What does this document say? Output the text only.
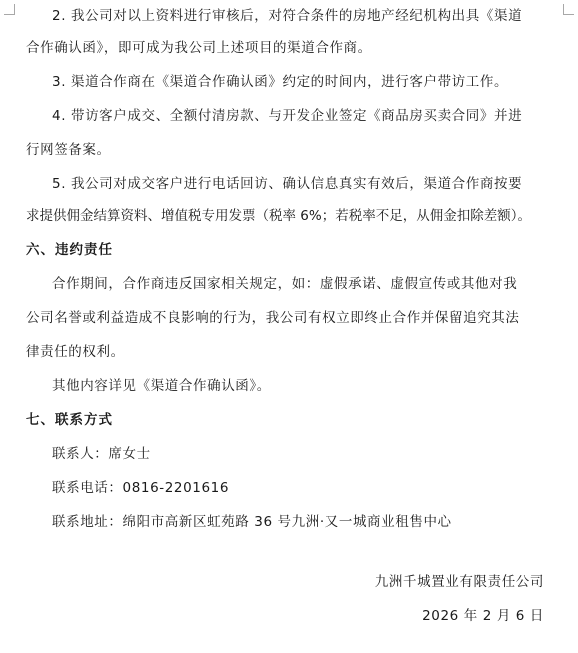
2. 我公司对以上资料进行审核后，对符合条件的房地产经纪机构出具《渠道
合作确认函》，即可成为我公司上述项目的渠道合作商。
3. 渠道合作商在《渠道合作确认函》约定的时间内，进行客户带访工作。
4. 带访客户成交、全额付清房款、与开发企业签定《商品房买卖合同》并进
行网签备案。
5. 我公司对成交客户进行电话回访、确认信息真实有效后，渠道合作商按要
求提供佣金结算资料、增值税专用发票（税率 6%；若税率不足，从佣金扣除差额）。
六、违约责任
合作期间，合作商违反国家相关规定，如：虚假承诺、虚假宣传或其他对我
公司名誉或利益造成不良影响的行为，我公司有权立即终止合作并保留追究其法
律责任的权利。
其他内容详见《渠道合作确认函》。
七、联系方式
联系人：席女士
联系电话：0816-2201616
联系地址：绵阳市高新区虹苑路 36 号九洲·又一城商业租售中心
九洲千城置业有限责任公司
2026 年 2 月 6 日
